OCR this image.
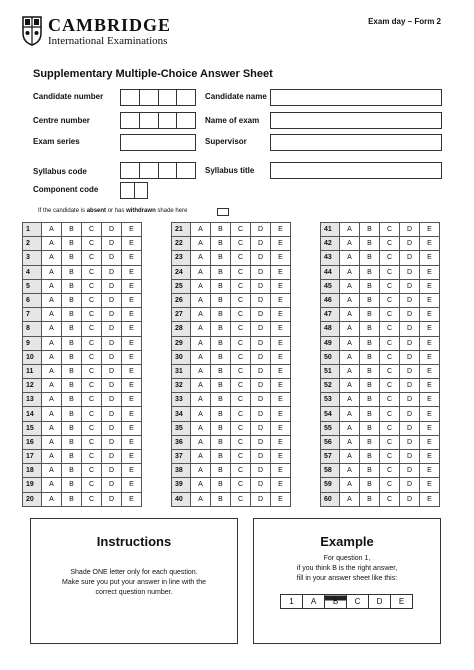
CAMBRIDGE
International Examinations
Exam day – Form 2
Supplementary Multiple-Choice Answer Sheet
Candidate number	Candidate name
Centre number	Name of exam
Exam series	Supervisor
Syllabus code	Syllabus title
Component code
If the candidate is absent or has withdrawn shade here
1	A	B	C	D	E
2	A	B	C	D	E
3	A	B	C	D	E
4	A	B	C	D	E
5	A	B	C	D	E
6	A	B	C	D	E
7	A	B	C	D	E
8	A	B	C	D	E
9	A	B	C	D	E
10	A	B	C	D	E
11	A	B	C	D	E
12	A	B	C	D	E
13	A	B	C	D	E
14	A	B	C	D	E
15	A	B	C	D	E
16	A	B	C	D	E
17	A	B	C	D	E
18	A	B	C	D	E
19	A	B	C	D	E
20	A	B	C	D	E
21	A	B	C	D	E
22	A	B	C	D	E
23	A	B	C	D	E
24	A	B	C	D	E
25	A	B	C	D	E
26	A	B	C	D	E
27	A	B	C	D	E
28	A	B	C	D	E
29	A	B	C	D	E
30	A	B	C	D	E
31	A	B	C	D	E
32	A	B	C	D	E
33	A	B	C	D	E
34	A	B	C	D	E
35	A	B	C	D	E
36	A	B	C	D	E
37	A	B	C	D	E
38	A	B	C	D	E
39	A	B	C	D	E
40	A	B	C	D	E
41	A	B	C	D	E
42	A	B	C	D	E
43	A	B	C	D	E
44	A	B	C	D	E
45	A	B	C	D	E
46	A	B	C	D	E
47	A	B	C	D	E
48	A	B	C	D	E
49	A	B	C	D	E
50	A	B	C	D	E
51	A	B	C	D	E
52	A	B	C	D	E
53	A	B	C	D	E
54	A	B	C	D	E
55	A	B	C	D	E
56	A	B	C	D	E
57	A	B	C	D	E
58	A	B	C	D	E
59	A	B	C	D	E
60	A	B	C	D	E
Instructions
Shade ONE letter only for each question.
Make sure you put your answer in line with the
correct question number.
Example
For question 1,
if you think B is the right answer,
fill in your answer sheet like this:
1	A	B	C	D	E
